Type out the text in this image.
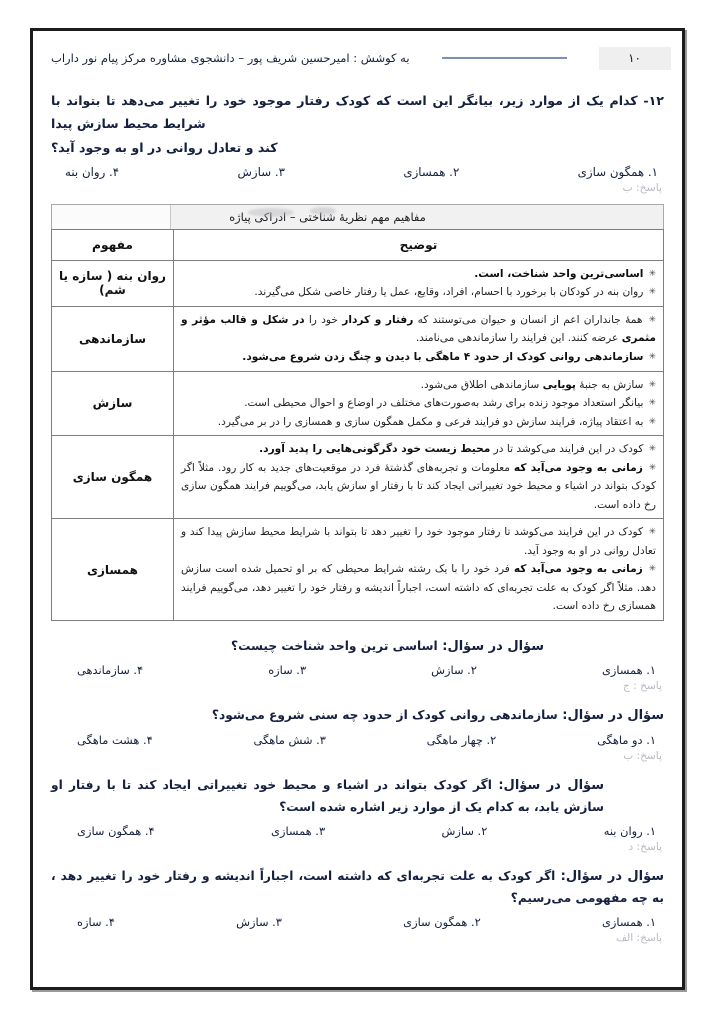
به کوشش : امیرحسین شریف پور – دانشجوی مشاوره مرکز پیام نور داراب	۱۰
۱۲- کدام یک از موارد زیر، بیانگر این است که کودک رفتار موجود خود را تغییر می‌دهد تا بتواند با شرایط محیط سازش پیدا
کند و تعادل روانی در او به وجود آید؟
۱. همگون سازی
۲. همسازی
۳. سازش
۴. روان بنه
پاسخ: ب
مفاهیم مهم نظریهٔ شناختی – ادراکی پیاژه
توضیح	مفهوم

✳ اساسی‌ترین واحد شناخت، است.
✳ روان بنه در کودکان با برخورد با احسام، افراد، وقایع، عمل یا رفتار خاصی شکل می‌گیرند.	روان بنه ( سازه یا شم)

✳ همهٔ جانداران اعم از انسان و حیوان می‌توستند که رفتار و کردار خود را در شکل و قالب مؤثر و مثمری عرضه کنند. این فرایند را سازماندهی می‌نامند.
✳ سازماندهی روانی کودک از حدود ۴ ماهگی با دیدن و چنگ زدن شروع می‌شود.	سازماندهی

✳ سازش به جنبهٔ پویایی سازماندهی اطلاق می‌شود.
✳ بیانگر استعداد موجود زنده برای رشد به‌صورت‌های مختلف در اوضاع و احوال محیطی است.
✳ به اعتقاد پیاژه، فرایند سازش دو فرایند فرعی و مکمل همگون سازی و همسازی را در بر می‌گیرد.	سازش

✳ کودک در این فرایند می‌کوشد تا در محیط زیست خود دگرگونی‌هایی را پدید آورد.
✳ زمانی به وجود می‌آید که معلومات و تجربه‌های گذشتهٔ فرد در موقعیت‌های جدید به کار رود. مثلاً اگر کودک بتواند در اشیاء و محیط خود تغییراتی ایجاد کند تا با رفتار او سازش یابد، می‌گوییم فرایند همگون سازی رخ داده است.	همگون سازی

✳ کودک در این فرایند می‌کوشد تا رفتار موجود خود را تغییر دهد تا بتواند با شرایط محیط سازش پیدا کند و تعادل روانی در او به وجود آید.
✳ زمانی به وجود می‌آید که فرد خود را با یک رشته شرایط محیطی که بر او تحمیل شده است سازش دهد. مثلاً اگر کودک به علت تجربه‌ای که داشته است، اجباراً اندیشه و رفتار خود را تغییر دهد، می‌گوییم فرایند همسازی رخ داده است.	همسازی
سؤال در سؤال: اساسی ترین واحد شناخت چیست؟
۱. همسازی
۲. سازش
۳. سازه
۴. سازماندهی
پاسخ : ج
سؤال در سؤال: سازماندهی روانی کودک از حدود چه سنی شروع می‌شود؟
۱. دو ماهگی
۲. چهار ماهگی
۳. شش ماهگی
۴. هشت ماهگی
پاسخ: ب
سؤال در سؤال: اگر کودک بتواند در اشیاء و محیط خود تغییراتی ایجاد کند تا با رفتار او سازش یابد، به کدام یک از موارد زیر اشاره شده است؟
۱. روان بنه
۲. سازش
۳. همسازی
۴. همگون سازی
پاسخ: د
سؤال در سؤال: اگر کودک به علت تجربه‌ای که داشته است، اجباراً اندیشه و رفتار خود را تغییر دهد ، به چه مفهومی می‌رسیم؟
۱. همسازی
۲. همگون سازی
۳. سازش
۴. سازه
پاسخ: الف
